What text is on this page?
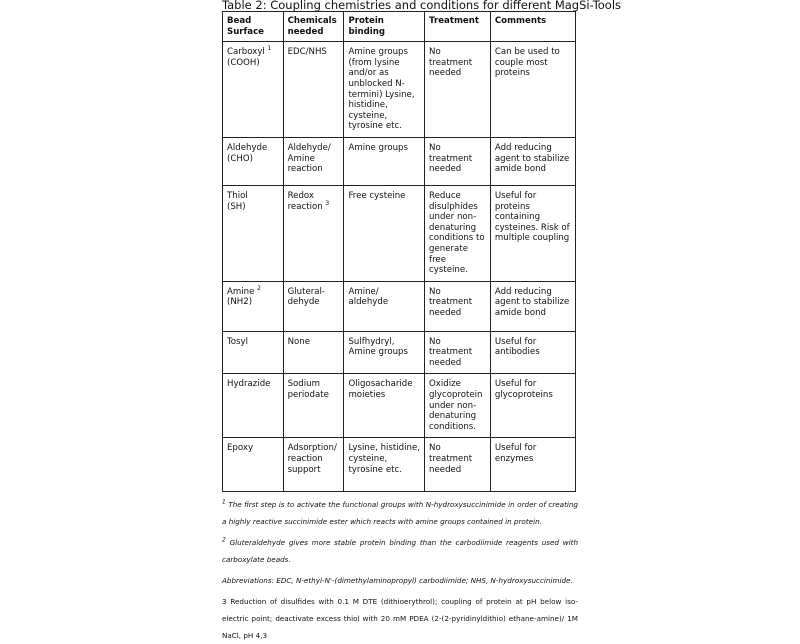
Table 2: Coupling chemistries and conditions for different MagSi-Tools
Bead Surface	Chemicals needed	Protein binding	Treatment	Comments
Carboxyl $^1$
(COOH)	EDC/NHS	Amine groups (from lysine and/or as unblocked N-termini) Lysine, histidine, cysteine, tyrosine etc.	No treatment needed	Can be used to couple most proteins
Aldehyde
(CHO)	Aldehyde/ Amine reaction	Amine groups	No treatment needed	Add reducing agent to stabilize amide bond
Thiol
(SH)	Redox reaction $^3$	Free cysteine	Reduce disulphides under non-denaturing conditions to generate free cysteine.	Useful for proteins containing cysteines. Risk of multiple coupling
Amine $^2$
(NH2)	Gluteral-dehyde	Amine/ aldehyde	No treatment needed	Add reducing agent to stabilize amide bond
Tosyl	None	Sulfhydryl, Amine groups	No treatment needed	Useful for antibodies
Hydrazide	Sodium periodate	Oligosacharide moieties	Oxidize glycoprotein under non-denaturing conditions.	Useful for glycoproteins
Epoxy	Adsorption/ reaction support	Lysine, histidine, cysteine, tyrosine etc.	No treatment needed	Useful for enzymes
$^1$ The first step is to activate the functional groups with N-hydroxysuccinimide in order of creating a highly reactive succinimide ester which reacts with amine groups contained in protein.
$^2$ Gluteraldehyde gives more stable protein binding than the carbodiimide reagents used with carboxylate beads.
Abbreviations: EDC, N-ethyl-N'-(dimethylaminopropyl) carbodiimide; NHS, N-hydroxysuccinimide.
3 Reduction of disulfides with 0.1 M DTE (dithioerythrol); coupling of protein at pH below iso-electric point; deactivate excess thiol with 20 mM PDEA (2-(2-pyridinyldithio) ethane-amine)/ 1M NaCl, pH 4,3
